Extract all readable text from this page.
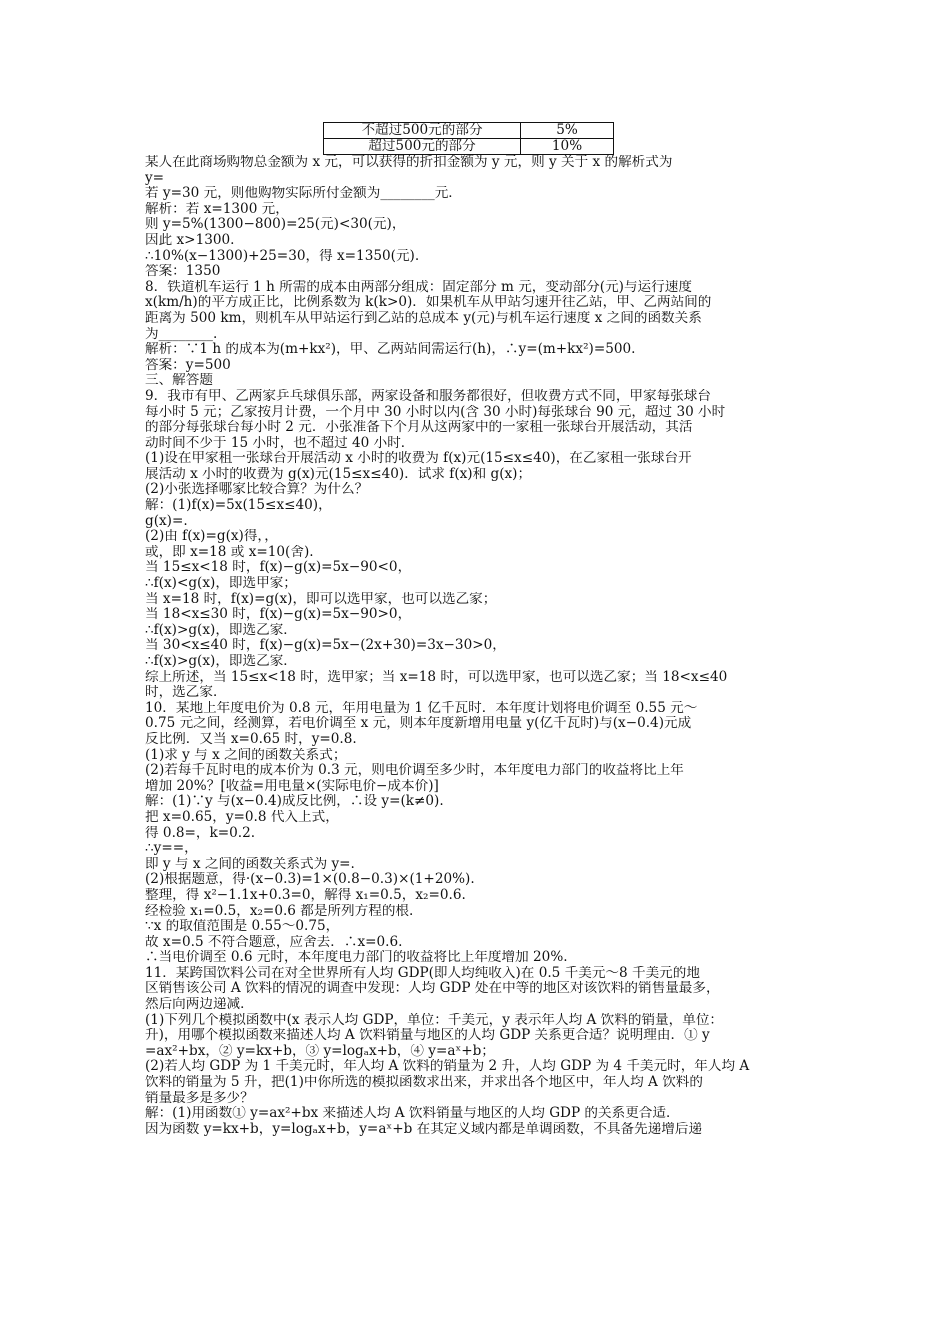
不超过500元的部分	5%
超过500元的部分	10%
某人在此商场购物总金额为 x 元，可以获得的折扣金额为 y 元，则 y 关于 x 的解析式为
y=
若 y=30 元，则他购物实际所付金额为________元．
解析：若 x=1300 元，
则 y=5%(1300−800)=25(元)<30(元)，
因此 x>1300.
∴10%(x−1300)+25=30，得 x=1350(元).
答案：1350
8．铁道机车运行 1 h 所需的成本由两部分组成：固定部分 m 元，变动部分(元)与运行速度
x(km/h)的平方成正比，比例系数为 k(k>0)．如果机车从甲站匀速开往乙站，甲、乙两站间的
距离为 500 km，则机车从甲站运行到乙站的总成本 y(元)与机车运行速度 x 之间的函数关系
为________.
解析：∵1 h 的成本为(m+kx²)，甲、乙两站间需运行(h)，∴y=(m+kx²)=500.
答案：y=500
三、解答题
9．我市有甲、乙两家乒乓球俱乐部，两家设备和服务都很好，但收费方式不同，甲家每张球台
每小时 5 元；乙家按月计费，一个月中 30 小时以内(含 30 小时)每张球台 90 元，超过 30 小时
的部分每张球台每小时 2 元．小张准备下个月从这两家中的一家租一张球台开展活动，其活
动时间不少于 15 小时，也不超过 40 小时．
(1)设在甲家租一张球台开展活动 x 小时的收费为 f(x)元(15≤x≤40)，在乙家租一张球台开
展活动 x 小时的收费为 g(x)元(15≤x≤40)．试求 f(x)和 g(x)；
(2)小张选择哪家比较合算？为什么？
解：(1)f(x)=5x(15≤x≤40)，
g(x)=.
(2)由 f(x)=g(x)得，，
或，即 x=18 或 x=10(舍).
当 15≤x<18 时，f(x)−g(x)=5x−90<0，
∴f(x)<g(x)，即选甲家；
当 x=18 时，f(x)=g(x)，即可以选甲家，也可以选乙家；
当 18<x≤30 时，f(x)−g(x)=5x−90>0，
∴f(x)>g(x)，即选乙家．
当 30<x≤40 时，f(x)−g(x)=5x−(2x+30)=3x−30>0，
∴f(x)>g(x)，即选乙家．
综上所述，当 15≤x<18 时，选甲家；当 x=18 时，可以选甲家，也可以选乙家；当 18<x≤40
时，选乙家．
10．某地上年度电价为 0.8 元，年用电量为 1 亿千瓦时．本年度计划将电价调至 0.55 元～
0.75 元之间，经测算，若电价调至 x 元，则本年度新增用电量 y(亿千瓦时)与(x−0.4)元成
反比例．又当 x=0.65 时，y=0.8.
(1)求 y 与 x 之间的函数关系式；
(2)若每千瓦时电的成本价为 0.3 元，则电价调至多少时，本年度电力部门的收益将比上年
增加 20%？[收益=用电量×(实际电价−成本价)]
解：(1)∵y 与(x−0.4)成反比例，∴设 y=(k≠0).
把 x=0.65，y=0.8 代入上式，
得 0.8=，k=0.2.
∴y==，
即 y 与 x 之间的函数关系式为 y=.
(2)根据题意，得·(x−0.3)=1×(0.8−0.3)×(1+20%).
整理，得 x²−1.1x+0.3=0，解得 x₁=0.5，x₂=0.6.
经检验 x₁=0.5，x₂=0.6 都是所列方程的根.
∵x 的取值范围是 0.55～0.75，
故 x=0.5 不符合题意，应舍去．∴x=0.6.
∴当电价调至 0.6 元时，本年度电力部门的收益将比上年度增加 20%.
11．某跨国饮料公司在对全世界所有人均 GDP(即人均纯收入)在 0.5 千美元～8 千美元的地
区销售该公司 A 饮料的情况的调查中发现：人均 GDP 处在中等的地区对该饮料的销售量最多，
然后向两边递减．
(1)下列几个模拟函数中(x 表示人均 GDP，单位：千美元，y 表示年人均 A 饮料的销量，单位：
升)，用哪个模拟函数来描述人均 A 饮料销量与地区的人均 GDP 关系更合适？说明理由．① y
=ax²+bx，② y=kx+b，③ y=logₐx+b，④ y=aˣ+b；
(2)若人均 GDP 为 1 千美元时，年人均 A 饮料的销量为 2 升，人均 GDP 为 4 千美元时，年人均 A
饮料的销量为 5 升，把(1)中你所选的模拟函数求出来，并求出各个地区中，年人均 A 饮料的
销量最多是多少？
解：(1)用函数① y=ax²+bx 来描述人均 A 饮料销量与地区的人均 GDP 的关系更合适．
因为函数 y=kx+b，y=logₐx+b，y=aˣ+b 在其定义域内都是单调函数，不具备先递增后递
